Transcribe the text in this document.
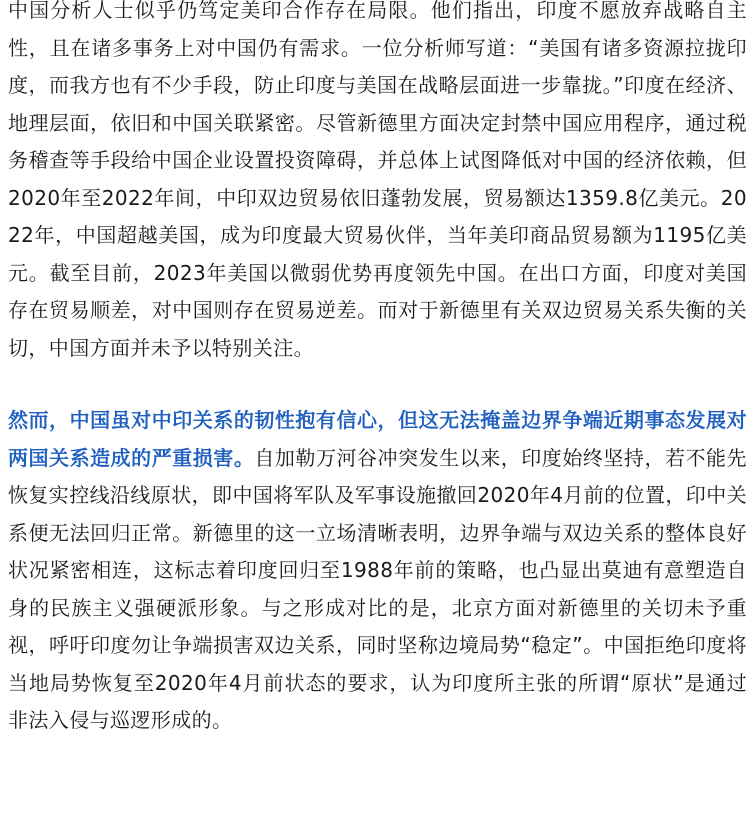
中国分析人士似乎仍笃定美印合作存在局限。他们指出，印度不愿放弃战略自主性，且在诸多事务上对中国仍有需求。一位分析师写道：“美国有诸多资源拉拢印度，而我方也有不少手段，防止印度与美国在战略层面进一步靠拢。”印度在经济、地理层面，依旧和中国关联紧密。尽管新德里方面决定封禁中国应用程序，通过税务稽查等手段给中国企业设置投资障碍，并总体上试图降低对中国的经济依赖，但2020年至2022年间，中印双边贸易依旧蓬勃发展，贸易额达1359.8亿美元。2022年，中国超越美国，成为印度最大贸易伙伴，当年美印商品贸易额为1195亿美元。截至目前，2023年美国以微弱优势再度领先中国。在出口方面，印度对美国存在贸易顺差，对中国则存在贸易逆差。而对于新德里有关双边贸易关系失衡的关切，中国方面并未予以特别关注。

然而，中国虽对中印关系的韧性抱有信心，但这无法掩盖边界争端近期事态发展对两国关系造成的严重损害。自加勒万河谷冲突发生以来，印度始终坚持，若不能先恢复实控线沿线原状，即中国将军队及军事设施撤回2020年4月前的位置，印中关系便无法回归正常。新德里的这一立场清晰表明，边界争端与双边关系的整体良好状况紧密相连，这标志着印度回归至1988年前的策略，也凸显出莫迪有意塑造自身的民族主义强硬派形象。与之形成对比的是，北京方面对新德里的关切未予重视，呼吁印度勿让争端损害双边关系，同时坚称边境局势“稳定”。中国拒绝印度将当地局势恢复至2020年4月前状态的要求，认为印度所主张的所谓“原状”是通过非法入侵与巡逻形成的。
